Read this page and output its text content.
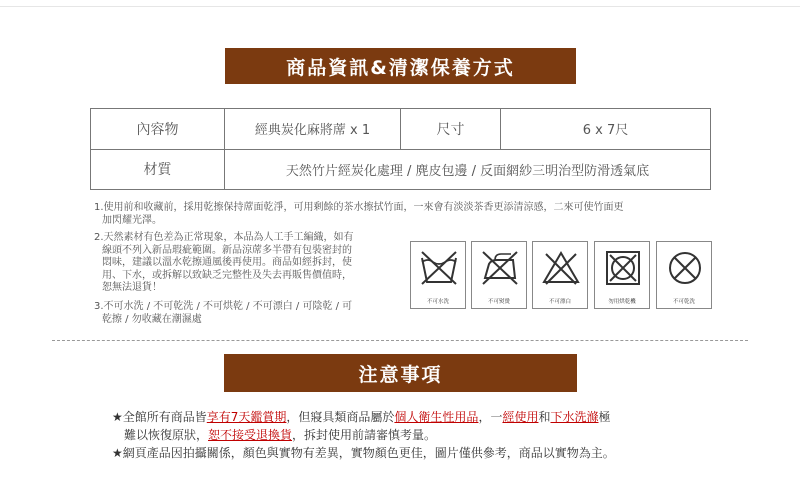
商品資訊&清潔保養方式
內容物	經典炭化麻將蓆 x 1	尺寸	6 x 7尺
材質	天然竹片經炭化處理 / 麂皮包邊 / 反面網紗三明治型防滑透氣底		
1.使用前和收藏前，採用乾擦保持蓆面乾淨，可用剩餘的茶水擦拭竹面，一來會有淡淡茶香更添清涼感，二來可使竹面更
加閃耀光澤。
2.天然素材有色差為正常現象，本品為人工手工編織，如有
線頭不列入新品瑕疵範圍。新品涼蓆多半帶有包裝密封的
悶味，建議以溫水乾擦通風後再使用。商品如經拆封，使
用、下水，或拆解以致缺乏完整性及失去再販售價值時，
恕無法退貨！
3.不可水洗 / 不可乾洗 / 不可烘乾 / 不可漂白 / 可陰乾 / 可
乾擦 / 勿收藏在潮濕處
不可水洗	不可熨燙	不可漂白	勿用烘乾機	不可乾洗
注意事項
★全館所有商品皆享有7天鑑賞期，但寢具類商品屬於個人衛生性用品，一經使用和下水洗滌極
難以恢復原狀，恕不接受退換貨，拆封使用前請審慎考量。
★網頁產品因拍攝關係，顏色與實物有差異，實物顏色更佳，圖片僅供參考，商品以實物為主。
